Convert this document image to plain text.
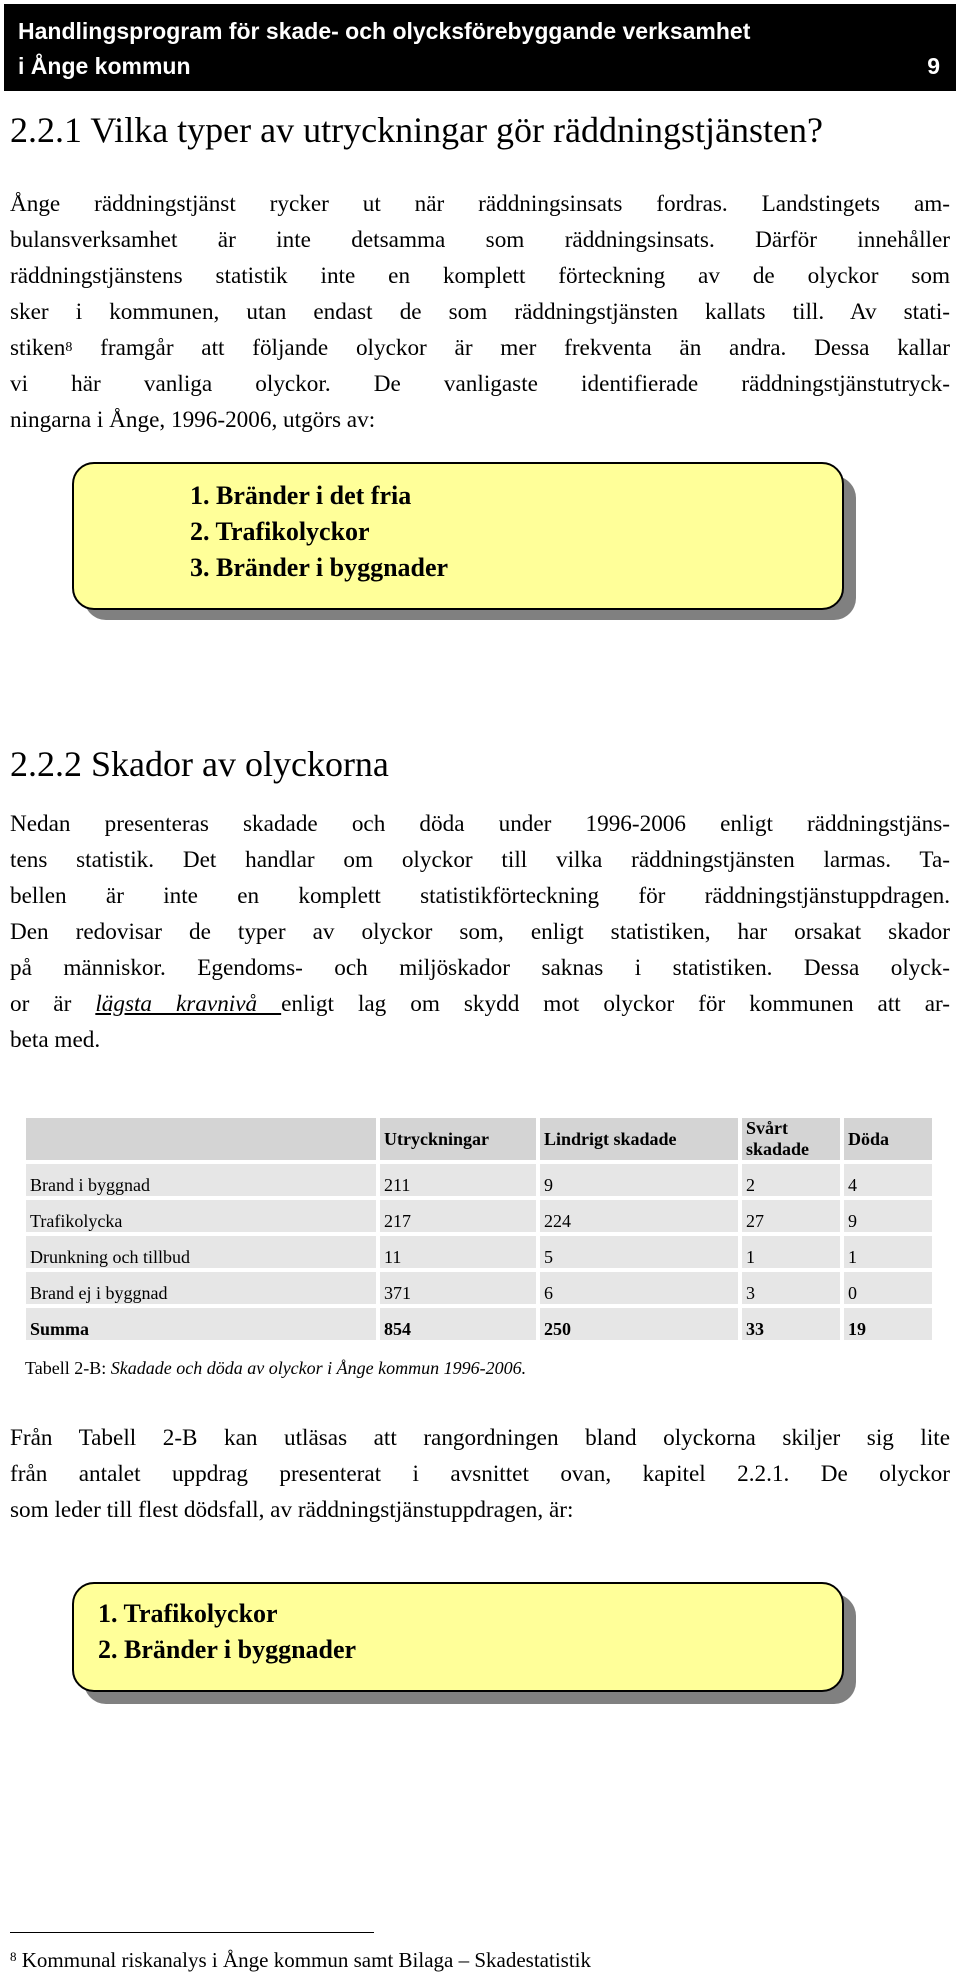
Handlingsprogram för skade- och olycksförebyggande verksamhet
i Ånge kommun	9
2.2.1 Vilka typer av utryckningar gör räddningstjänsten?

Ånge räddningstjänst rycker ut när räddningsinsats fordras. Landstingets am-

bulansverksamhet är inte detsamma som räddningsinsats. Därför innehåller

räddningstjänstens statistik inte en komplett förteckning av de olyckor som

sker i kommunen, utan endast de som räddningstjänsten kallats till. Av stati-

stiken$^8$ framgår att följande olyckor är mer frekventa än andra. Dessa kallar

vi här vanliga olyckor. De vanligaste identifierade räddningstjänstutryck-

ningarna i Ånge, 1996-2006, utgörs av:

1. Bränder i det fria
2. Trafikolyckor
3. Bränder i byggnader
2.2.2 Skador av olyckorna

Nedan presenteras skadade och döda under 1996-2006 enligt räddningstjäns-

tens statistik. Det handlar om olyckor till vilka räddningstjänsten larmas. Ta-

bellen är inte en komplett statistikförteckning för räddningstjänstuppdragen.

Den redovisar de typer av olyckor som, enligt statistiken, har orsakat skador

på människor. Egendoms- och miljöskador saknas i statistiken. Dessa olyck-

or är lägsta kravnivå enligt lag om skydd mot olyckor för kommunen att ar-

beta med.

	Utryckningar	Lindrigt skadade	Svårt skadade	Döda
Brand i byggnad	211	9	2	4
Trafikolycka	217	224	27	9
Drunkning och tillbud	11	5	1	1
Brand ej i byggnad	371	6	3	0
Summa	854	250	33	19
Tabell 2-B: Skadade och döda av olyckor i Ånge kommun 1996-2006.

Från Tabell 2-B kan utläsas att rangordningen bland olyckorna skiljer sig lite

från antalet uppdrag presenterat i avsnittet ovan, kapitel 2.2.1. De olyckor

som leder till flest dödsfall, av räddningstjänstuppdragen, är:

1. Trafikolyckor
2. Bränder i byggnader
$^8$ Kommunal riskanalys i Ånge kommun samt Bilaga – Skadestatistik
